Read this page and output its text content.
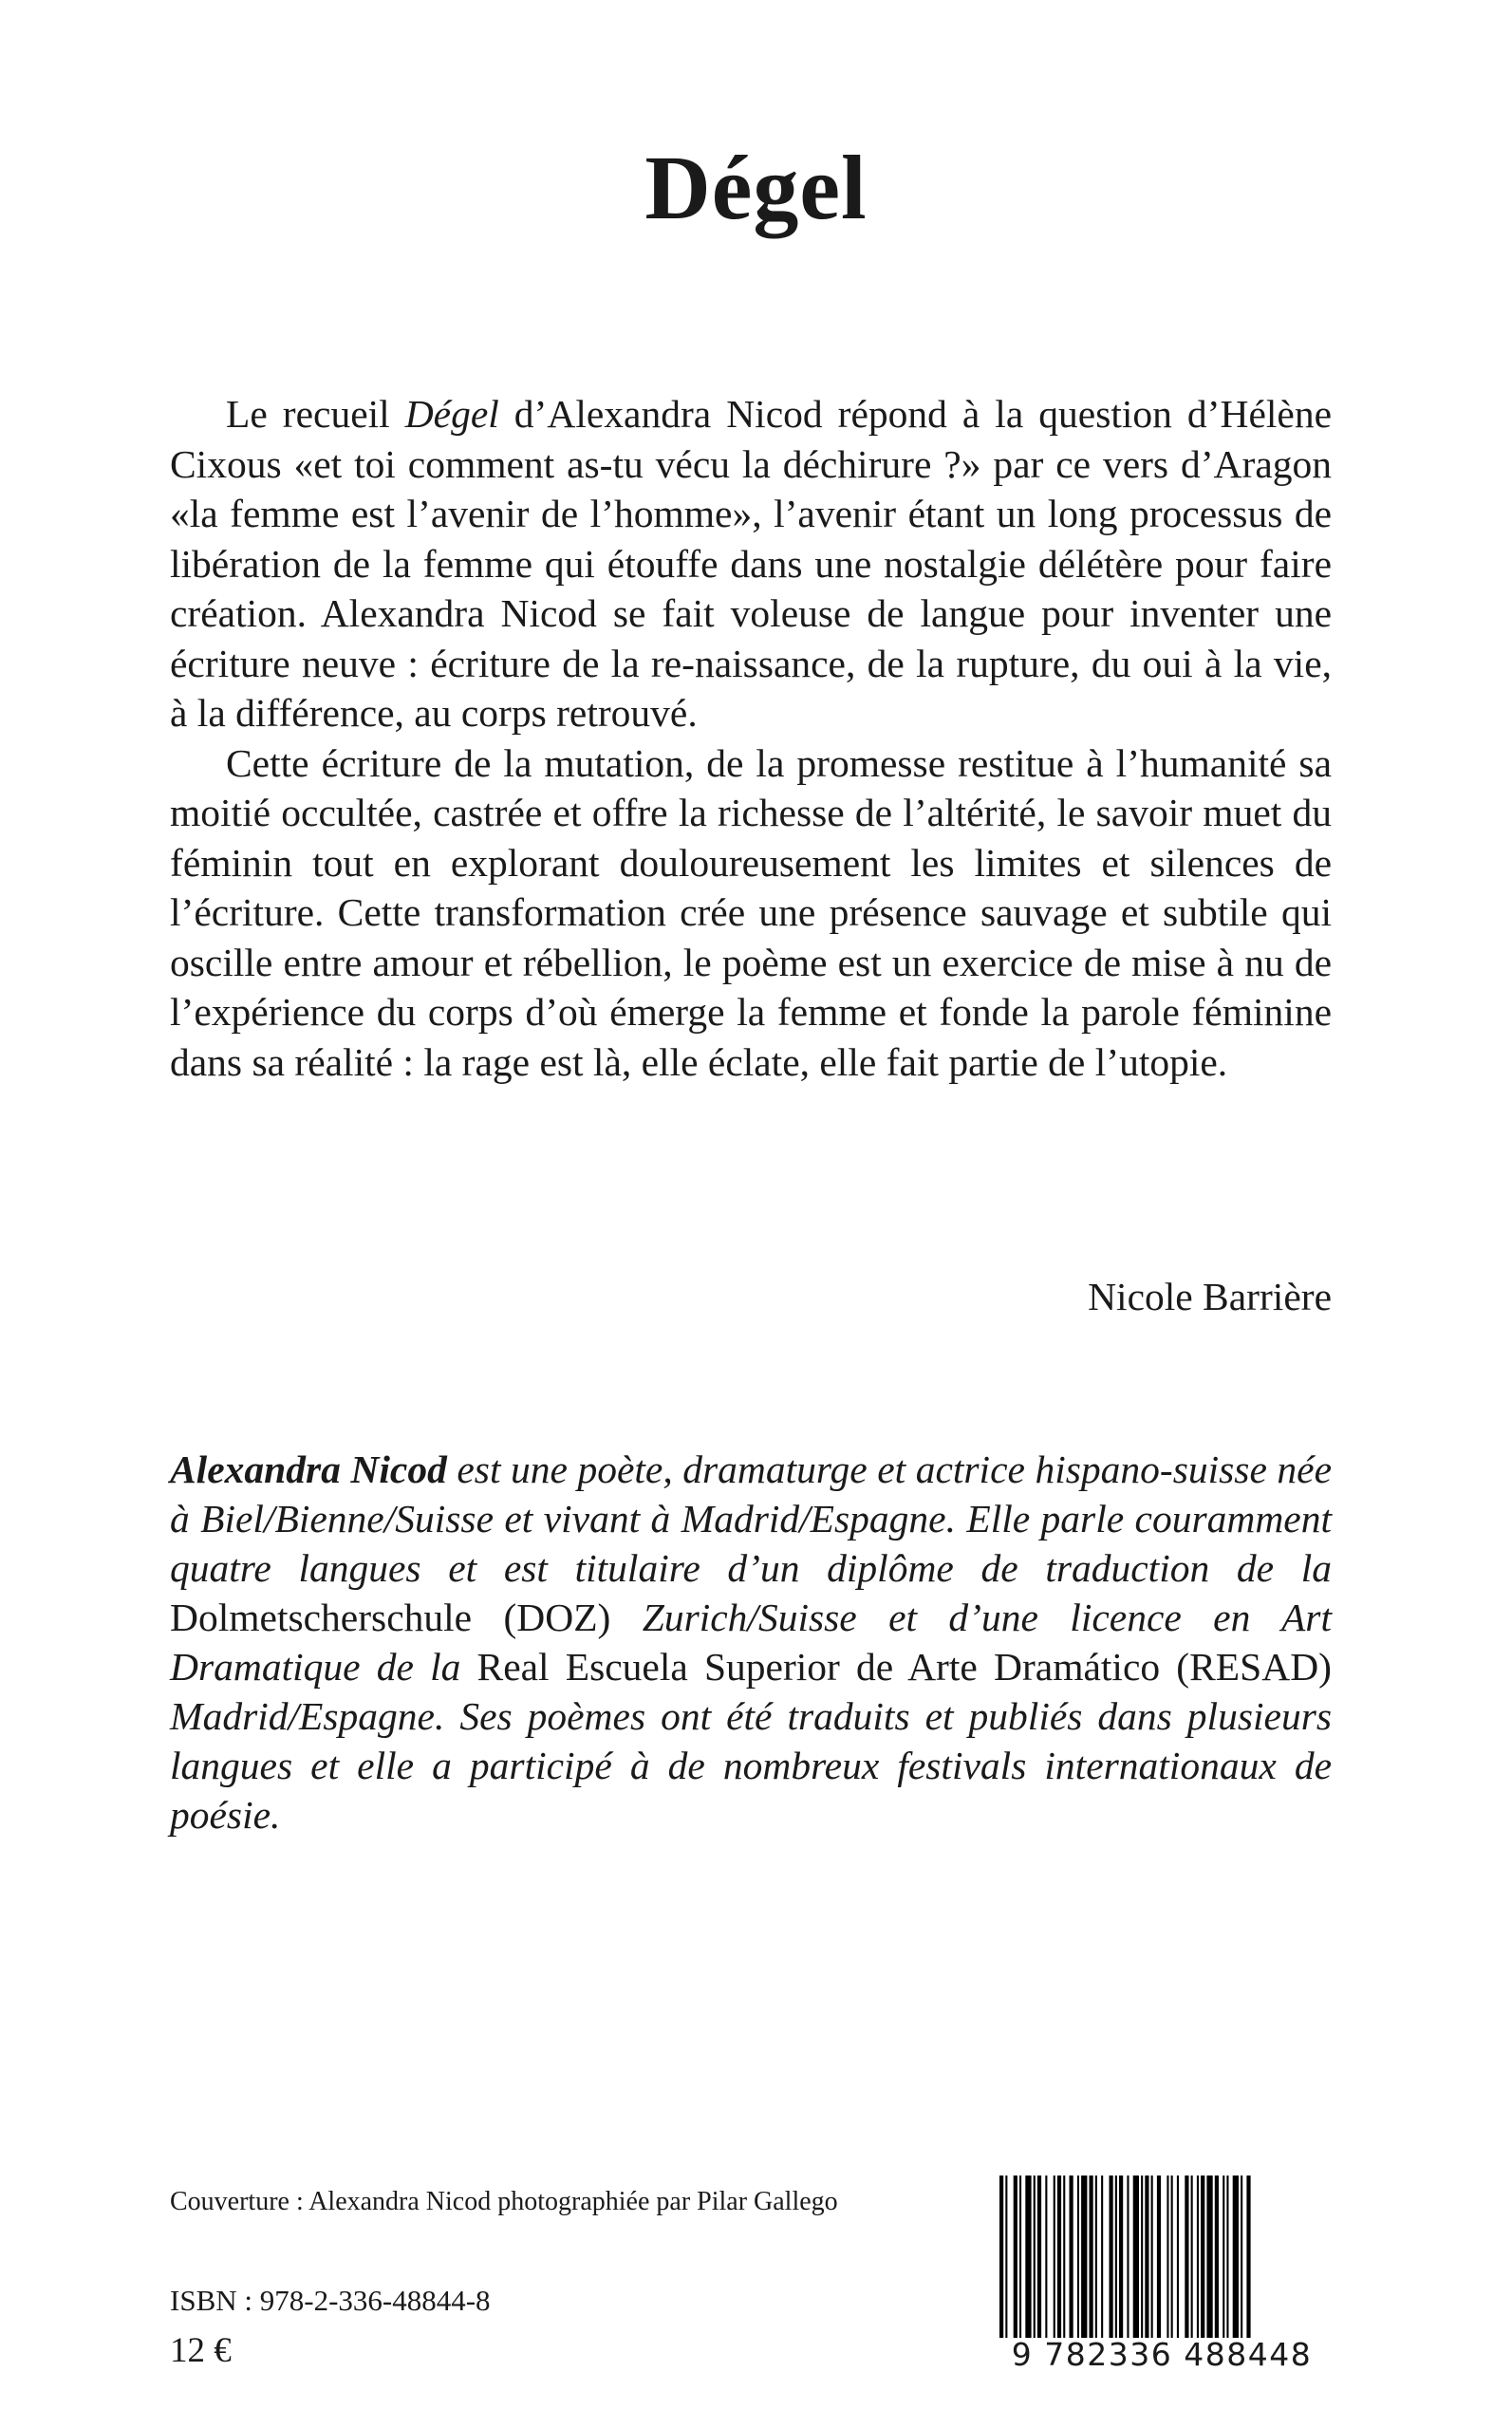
Dégel

Le recueil Dégel d’Alexandra Nicod répond à la question d’Hélène Cixous «et toi comment as-tu vécu la déchirure ?» par ce vers d’Aragon «la femme est l’avenir de l’homme», l’avenir étant un long processus de libération de la femme qui étouffe dans une nostalgie délétère pour faire création. Alexandra Nicod se fait voleuse de langue pour inventer une écriture neuve : écriture de la re-naissance, de la rupture, du oui à la vie, à la différence, au corps retrouvé.

Cette écriture de la mutation, de la promesse restitue à l’humanité sa moitié occultée, castrée et offre la richesse de l’altérité, le savoir muet du féminin tout en explorant douloureusement les limites et silences de l’écriture. Cette transformation crée une présence sauvage et subtile qui oscille entre amour et rébellion, le poème est un exercice de mise à nu de l’expérience du corps d’où émerge la femme et fonde la parole féminine dans sa réalité : la rage est là, elle éclate, elle fait partie de l’utopie.

Nicole Barrière
Alexandra Nicod est une poète, dramaturge et actrice hispano-suisse née à Biel/Bienne/Suisse et vivant à Madrid/Espagne. Elle parle couramment quatre langues et est titulaire d’un diplôme de traduction de la Dolmetscherschule (DOZ) Zurich/Suisse et d’une licence en Art Dramatique de la Real Escuela Superior de Arte Dramático (RESAD) Madrid/Espagne. Ses poèmes ont été traduits et publiés dans plusieurs langues et elle a participé à de nombreux festivals internationaux de poésie.
Couverture : Alexandra Nicod photographiée par Pilar Gallego
ISBN : 978-2-336-48844-8
12 €	9 782336 488448
